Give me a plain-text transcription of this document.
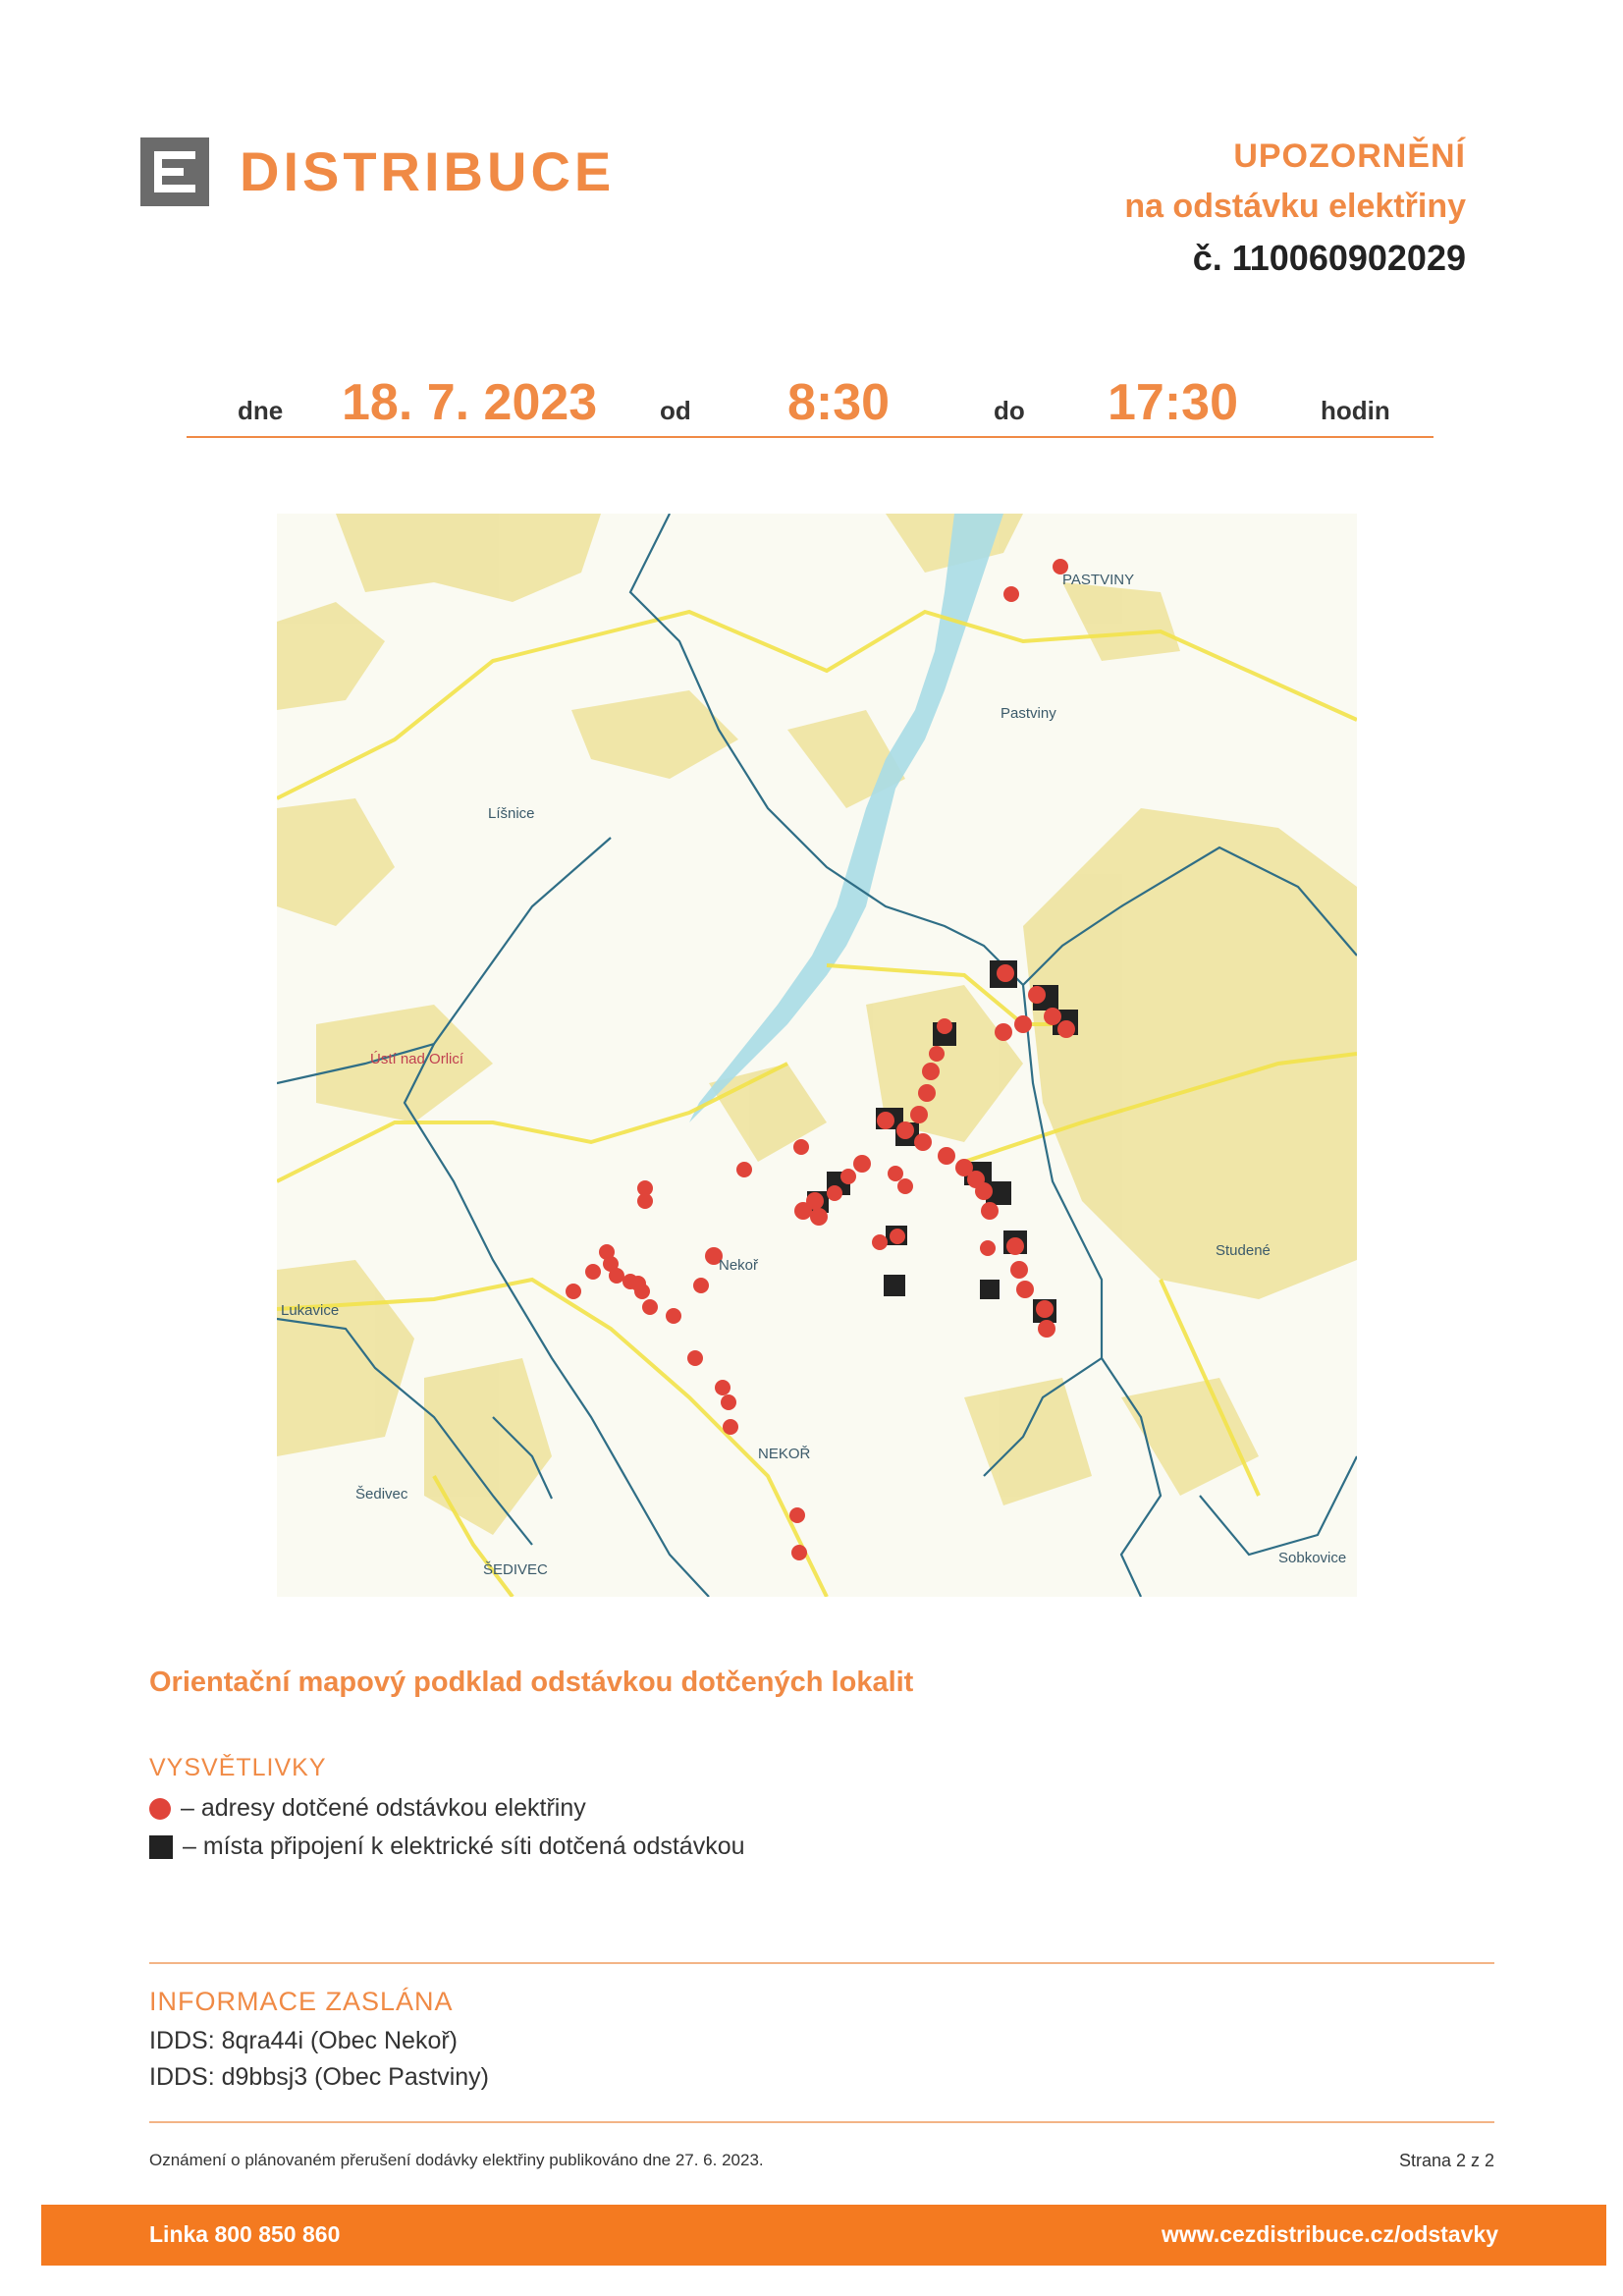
DISTRIBUCE	UPOZORNĚNÍ
na odstávku elektřiny
č. 110060902029
dne 18. 7. 2023 od 8:30	do 17:30	hodin
PASTVINY
Pastviny
Líšnice
Ústí nad Orlicí
Nekoř
NEKOŘ
Lukavice
Studené
Šedivec
ŠEDIVEC
Sobkovice
Orientační mapový podklad odstávkou dotčených lokalit
VYSVĚTLIVKY
– adresy dotčené odstávkou elektřiny
– místa připojení k elektrické síti dotčená odstávkou
INFORMACE ZASLÁNA
IDDS: 8qra44i (Obec Nekoř)
IDDS: d9bbsj3 (Obec Pastviny)
Oznámení o plánovaném přerušení dodávky elektřiny publikováno dne 27. 6. 2023.	Strana 2 z 2
Linka 800 850 860	www.cezdistribuce.cz/odstavky
